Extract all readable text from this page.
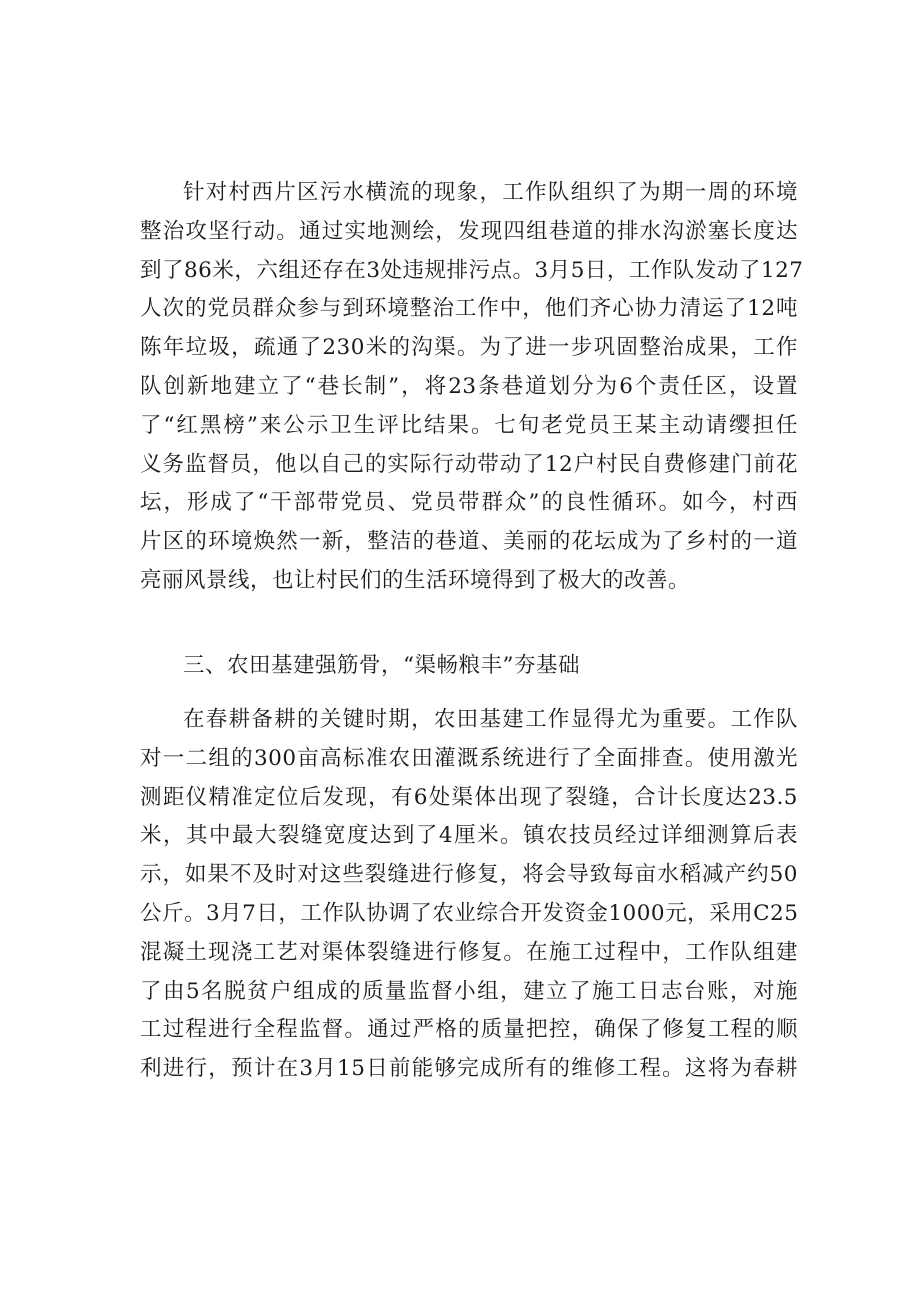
针对村西片区污水横流的现象，工作队组织了为期一周的环境
整治攻坚行动。通过实地测绘，发现四组巷道的排水沟淤塞长度达
到了86米，六组还存在3处违规排污点。3月5日，工作队发动了127
人次的党员群众参与到环境整治工作中，他们齐心协力清运了12吨
陈年垃圾，疏通了230米的沟渠。为了进一步巩固整治成果，工作
队创新地建立了“巷长制”，将23条巷道划分为6个责任区，设置
了“红黑榜”来公示卫生评比结果。七旬老党员王某主动请缨担任
义务监督员，他以自己的实际行动带动了12户村民自费修建门前花
坛，形成了“干部带党员、党员带群众”的良性循环。如今，村西
片区的环境焕然一新，整洁的巷道、美丽的花坛成为了乡村的一道
亮丽风景线，也让村民们的生活环境得到了极大的改善。
三、农田基建强筋骨，“渠畅粮丰”夯基础
在春耕备耕的关键时期，农田基建工作显得尤为重要。工作队
对一二组的300亩高标准农田灌溉系统进行了全面排查。使用激光
测距仪精准定位后发现，有6处渠体出现了裂缝，合计长度达23.5
米，其中最大裂缝宽度达到了4厘米。镇农技员经过详细测算后表
示，如果不及时对这些裂缝进行修复，将会导致每亩水稻减产约50
公斤。3月7日，工作队协调了农业综合开发资金1000元，采用C25
混凝土现浇工艺对渠体裂缝进行修复。在施工过程中，工作队组建
了由5名脱贫户组成的质量监督小组，建立了施工日志台账，对施
工过程进行全程监督。通过严格的质量把控，确保了修复工程的顺
利进行，预计在3月15日前能够完成所有的维修工程。这将为春耕
